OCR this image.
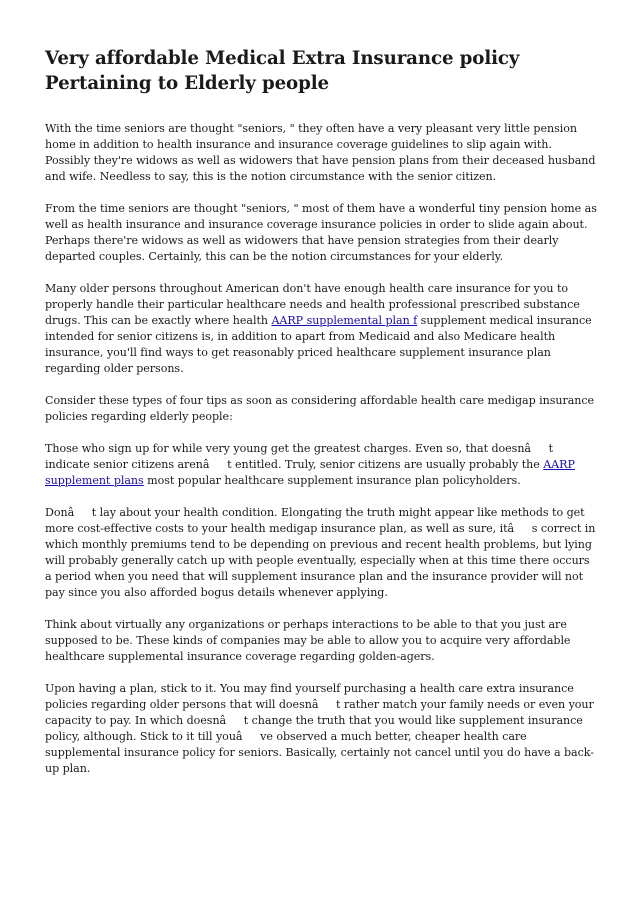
Very affordable Medical Extra Insurance policy Pertaining to Elderly people

With the time seniors are thought "seniors, " they often have a very pleasant very little pension home in addition to health insurance and insurance coverage guidelines to slip again with. Possibly they're widows as well as widowers that have pension plans from their deceased husband and wife. Needless to say, this is the notion circumstance with the senior citizen.

From the time seniors are thought "seniors, " most of them have a wonderful tiny pension home as well as health insurance and insurance coverage insurance policies in order to slide again about. Perhaps there're widows as well as widowers that have pension strategies from their dearly departed couples. Certainly, this can be the notion circumstances for your elderly.

Many older persons throughout American don't have enough health care insurance for you to properly handle their particular healthcare needs and health professional prescribed substance drugs. This can be exactly where health AARP supplemental plan f supplement medical insurance intended for senior citizens is, in addition to apart from Medicaid and also Medicare health insurance, you'll find ways to get reasonably priced healthcare supplement insurance plan regarding older persons.

Consider these types of four tips as soon as considering affordable health care medigap insurance policies regarding elderly people:

Those who sign up for while very young get the greatest charges. Even so, that doesnât indicate senior citizens arenât entitled. Truly, senior citizens are usually probably the AARP supplement plans most popular healthcare supplement insurance plan policyholders.

Donât lay about your health condition. Elongating the truth might appear like methods to get more cost-effective costs to your health medigap insurance plan, as well as sure, itâs correct in which monthly premiums tend to be depending on previous and recent health problems, but lying will probably generally catch up with people eventually, especially when at this time there occurs a period when you need that will supplement insurance plan and the insurance provider will not pay since you also afforded bogus details whenever applying.

Think about virtually any organizations or perhaps interactions to be able to that you just are supposed to be. These kinds of companies may be able to allow you to acquire very affordable healthcare supplemental insurance coverage regarding golden-agers.

Upon having a plan, stick to it. You may find yourself purchasing a health care extra insurance policies regarding older persons that will doesnât rather match your family needs or even your capacity to pay. In which doesnât change the truth that you would like supplement insurance policy, although. Stick to it till youâve observed a much better, cheaper health care supplemental insurance policy for seniors. Basically, certainly not cancel until you do have a back-up plan.
